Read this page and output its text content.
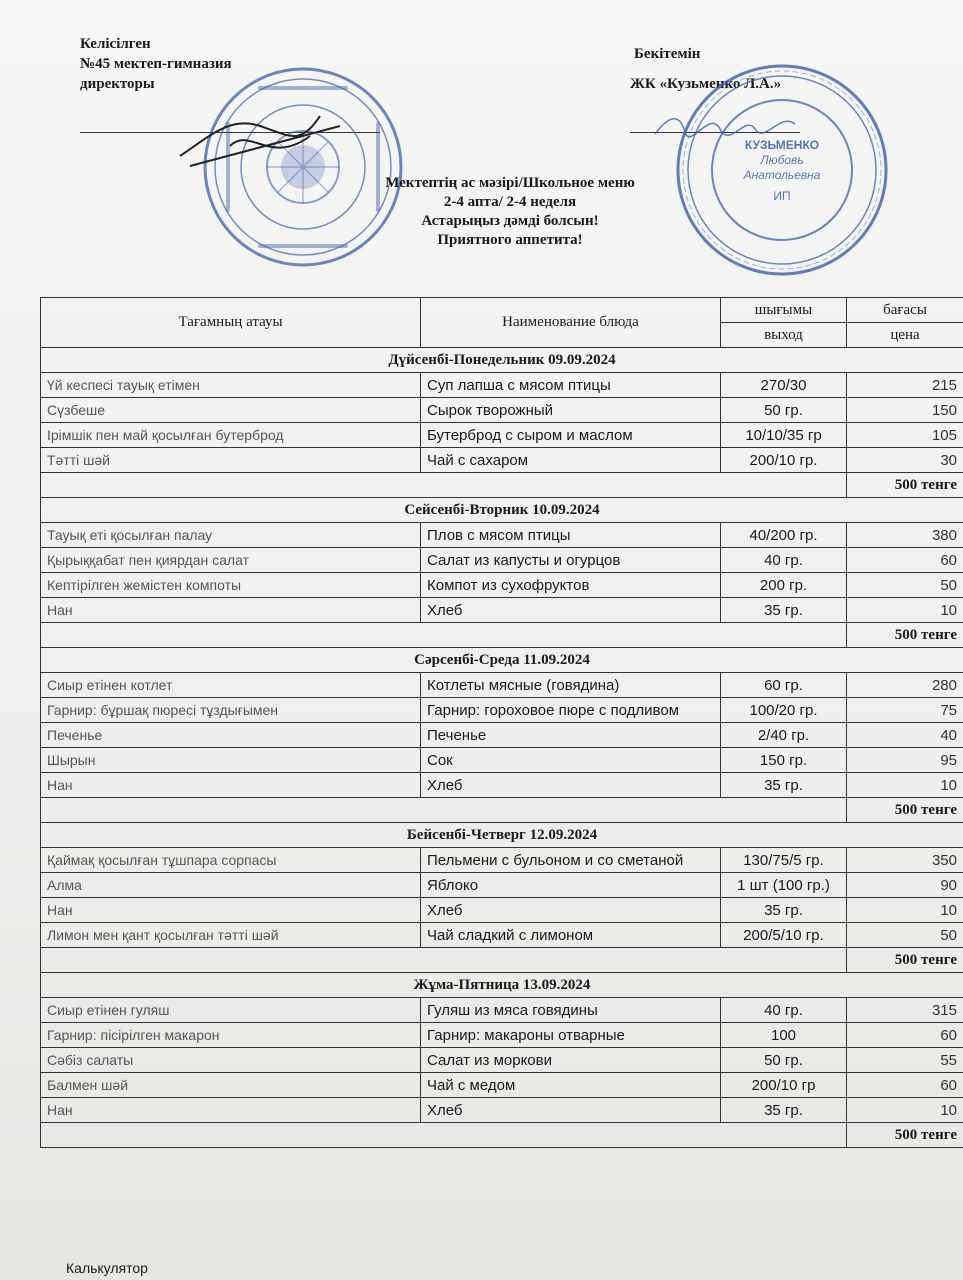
Келісілген
№45 мектеп-гимназия
директоры
Бекітемін
ЖК «Кузьменко Л.А.»
КУЗЬМЕНКО
Любовь
Анатольевна
ИП
Мектептің ас мәзірі/Школьное меню
2-4 апта/ 2-4 неделя
Астарыңыз дәмді болсын!
Приятного аппетита!
Тағамның атауы	Наименование блюда	шығымы	бағасы
		выход	цена
Дүйсенбі-Понедельник 09.09.2024			
Үй кеспесі тауық етімен	Суп лапша с мясом птицы	270/30	215
Сүзбеше	Сырок творожный	50 гр.	150
Ірімшік пен май қосылған бутерброд	Бутерброд с сыром и маслом	10/10/35 гр	105
Тәтті шәй	Чай с сахаром	200/10 гр.	30
			500 тенге
Сейсенбі-Вторник 10.09.2024			
Тауық еті қосылған палау	Плов с мясом птицы	40/200 гр.	380
Қырыққабат пен қиярдан салат	Салат из капусты и огурцов	40 гр.	60
Кептірілген жемістен компоты	Компот из сухофруктов	200 гр.	50
Нан	Хлеб	35 гр.	10
			500 тенге
Сәрсенбі-Среда 11.09.2024			
Сиыр етінен котлет	Котлеты мясные (говядина)	60 гр.	280
Гарнир: бұршақ пюресі тұздығымен	Гарнир: гороховое пюре с подливом	100/20 гр.	75
Печенье	Печенье	2/40 гр.	40
Шырын	Сок	150 гр.	95
Нан	Хлеб	35 гр.	10
			500 тенге
Бейсенбі-Четверг 12.09.2024			
Қаймақ қосылған тұшпара сорпасы	Пельмени с бульоном и со сметаной	130/75/5 гр.	350
Алма	Яблоко	1 шт (100 гр.)	90
Нан	Хлеб	35 гр.	10
Лимон мен қант қосылған тәтті шәй	Чай сладкий с лимоном	200/5/10 гр.	50
			500 тенге
Жұма-Пятница 13.09.2024			
Сиыр етінен гуляш	Гуляш из мяса говядины	40 гр.	315
Гарнир: пісірілген макарон	Гарнир: макароны отварные	100	60
Сәбіз салаты	Салат из моркови	50 гр.	55
Балмен шәй	Чай с медом	200/10 гр	60
Нан	Хлеб	35 гр.	10
			500 тенге
Калькулятор
